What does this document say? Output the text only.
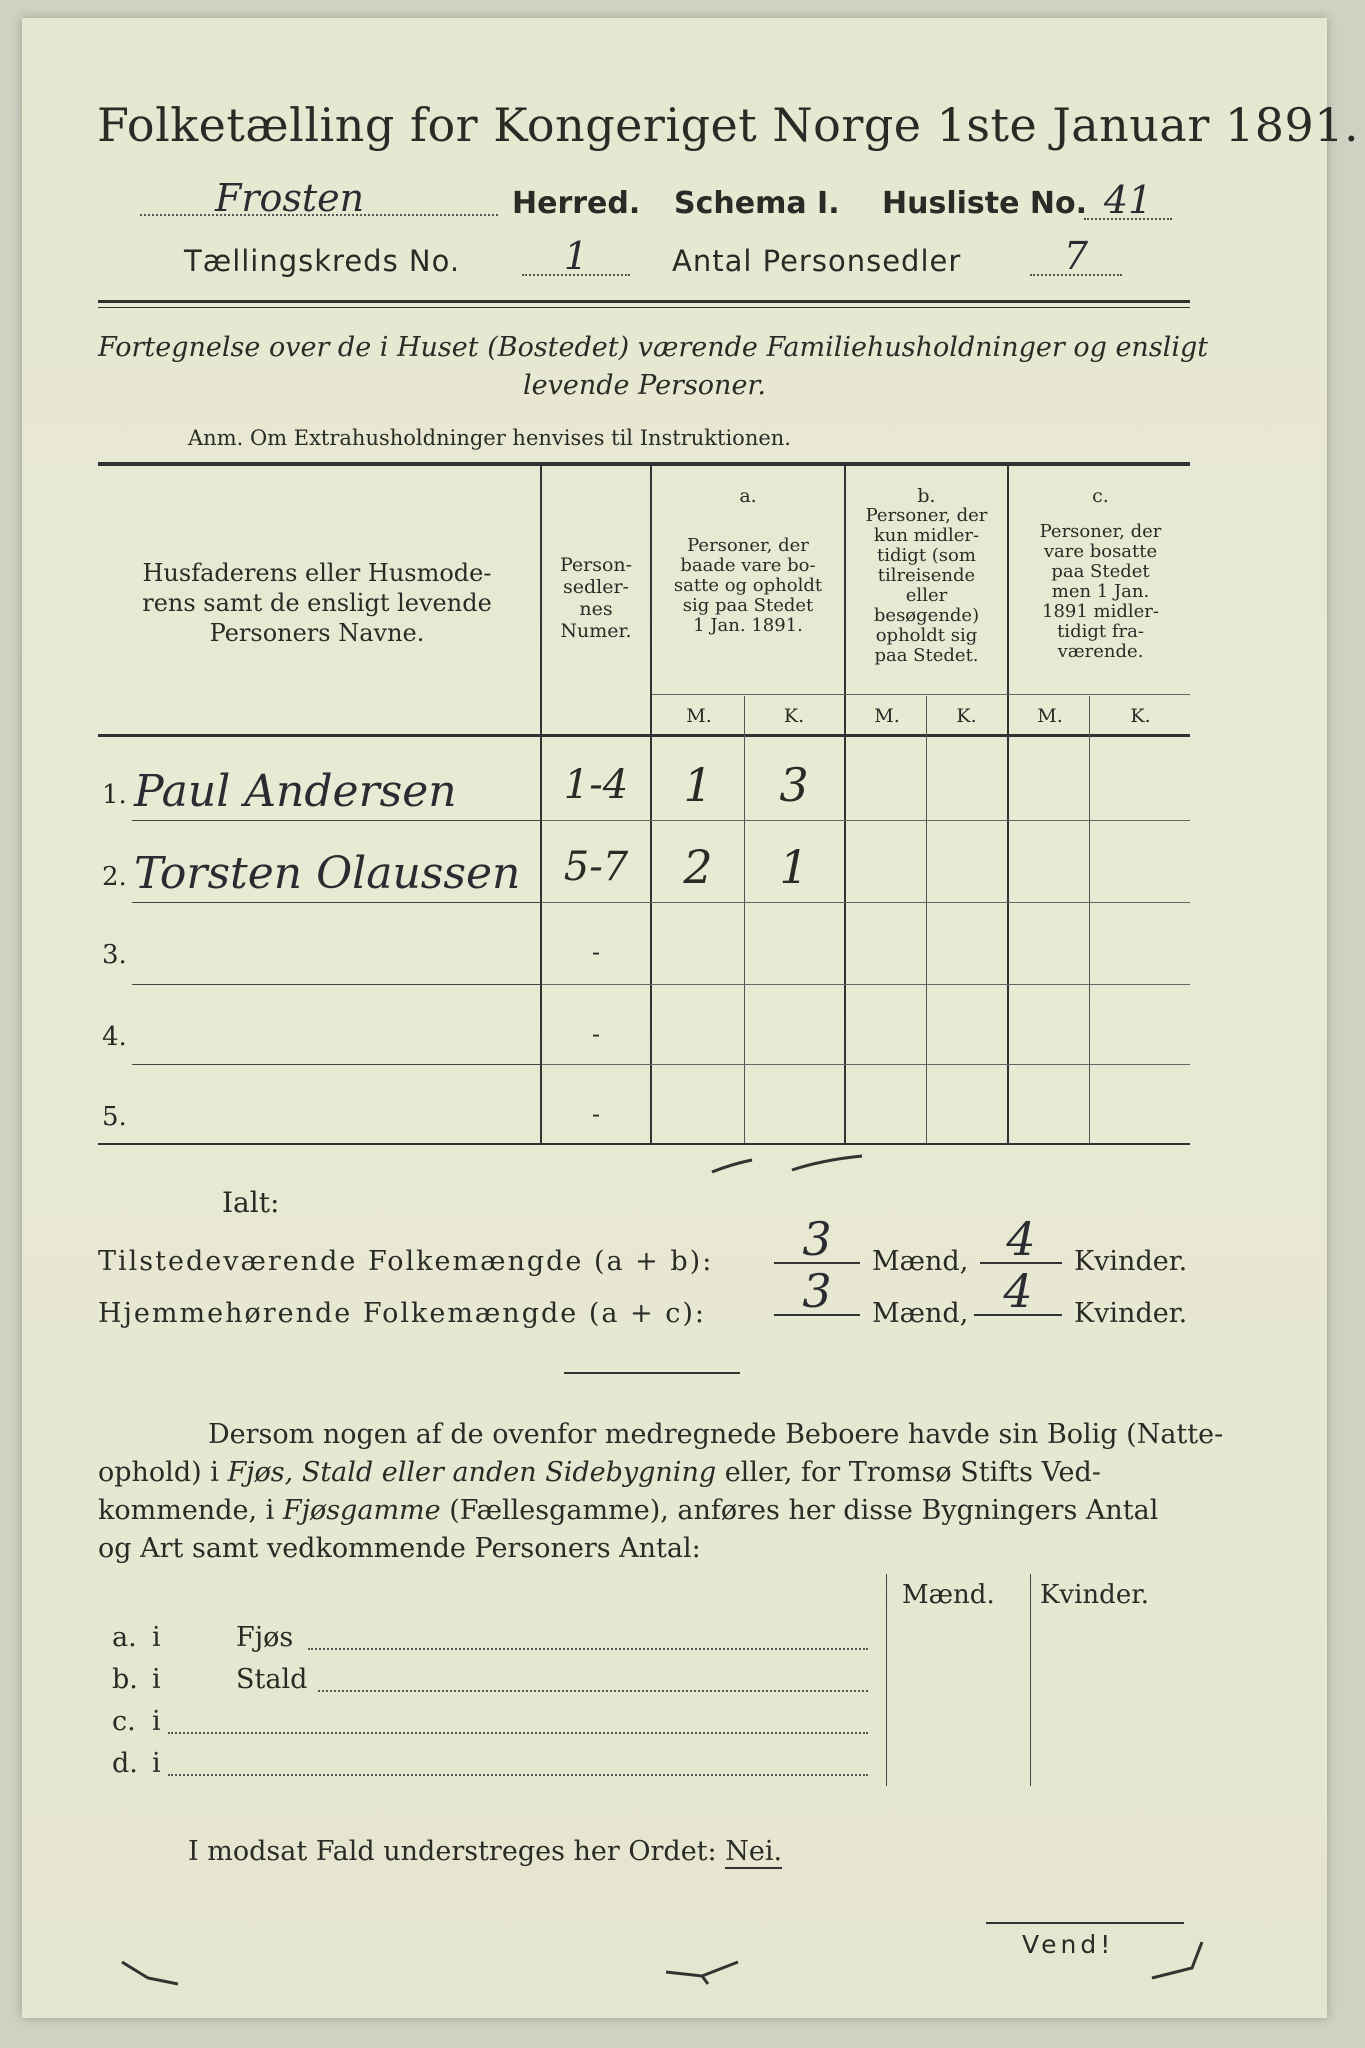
Folketælling for Kongeriget Norge 1ste Januar 1891.
Frosten	Herred. Schema I. Husliste No. 41
Tællingskreds No.	1	Antal Personsedler	7
Fortegnelse over de i Huset (Bostedet) værende Familiehusholdninger og ensligt
levende Personer.
Anm. Om Extrahusholdninger henvises til Instruktionen.
Husfaderens eller Husmode-
rens samt de ensligt levende
Personers Navne.
Person-
sedler-
nes
Numer.
a.
Personer, der
baade vare bo-
satte og opholdt
sig paa Stedet
1 Jan. 1891.
b.
Personer, der
kun midler-
tidigt (som
tilreisende
eller
besøgende)
opholdt sig
paa Stedet.
c.
Personer, der
vare bosatte
paa Stedet
men 1 Jan.
1891 midler-
tidigt fra-
værende.
M.	K.	M.	K.	M.	K.
1. Paul Andersen	1-4	1	3
2. Torsten Olaussen	5-7	2	1
3.	-
4.	-
5.	-
Ialt:
Tilstedeværende Folkemængde (a + b):	3	Mænd, 4	Kvinder.
Hjemmehørende Folkemængde (a + c):	3	Mænd, 4	Kvinder.
Dersom nogen af de ovenfor medregnede Beboere havde sin Bolig (Natte-
ophold) i Fjøs, Stald eller anden Sidebygning eller, for Tromsø Stifts Ved-
kommende, i Fjøsgamme (Fællesgamme), anføres her disse Bygningers Antal
og Art samt vedkommende Personers Antal:
Mænd. Kvinder.
a. i	Fjøs
b. i	Stald
c. i
d. i
I modsat Fald understreges her Ordet: Nei.
Vend!
